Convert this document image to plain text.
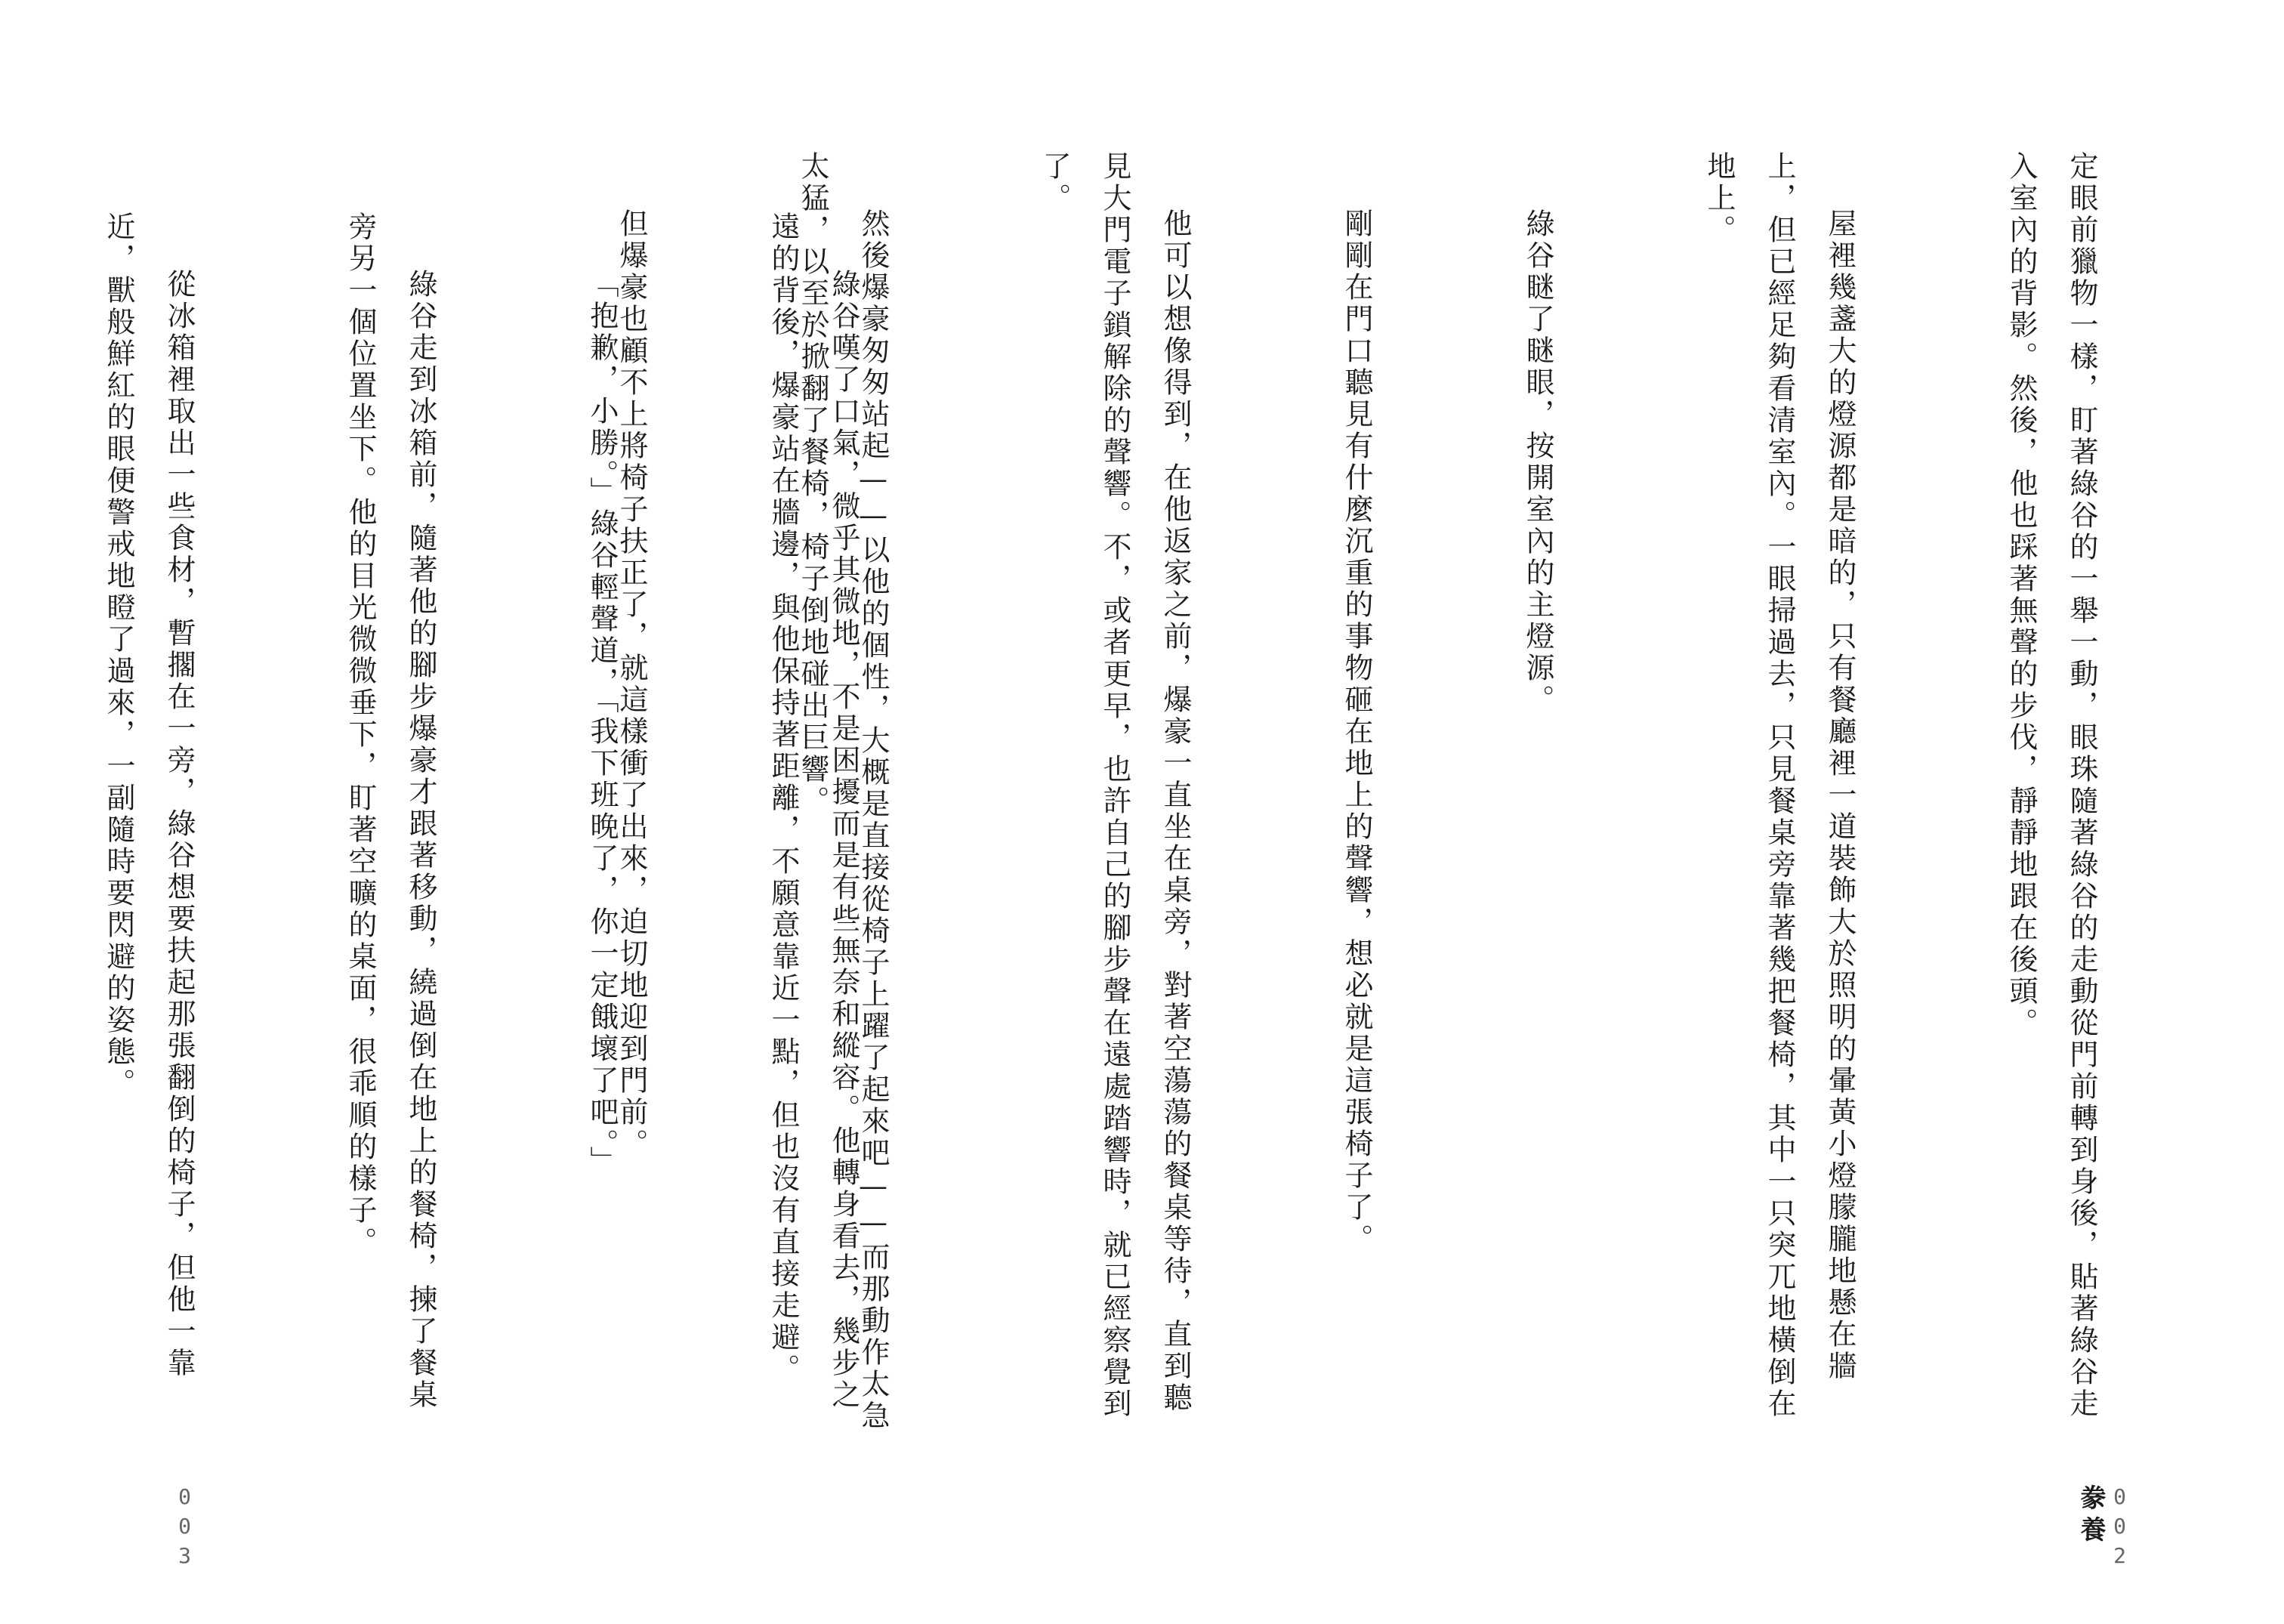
定眼前獵物一樣，盯著綠谷的一舉一動，眼珠隨著綠谷的走動從門前轉到身後，貼著綠谷走入室內的背影。然後，他也踩著無聲的步伐，靜靜地跟在後頭。

屋裡幾盞大的燈源都是暗的，只有餐廳裡一道裝飾大於照明的暈黃小燈朦朧地懸在牆上，但已經足夠看清室內。一眼掃過去，只見餐桌旁靠著幾把餐椅，其中一只突兀地橫倒在地上。

綠谷瞇了瞇眼，按開室內的主燈源。

剛剛在門口聽見有什麼沉重的事物砸在地上的聲響，想必就是這張椅子了。

他可以想像得到，在他返家之前，爆豪一直坐在桌旁，對著空蕩蕩的餐桌等待，直到聽見大門電子鎖解除的聲響。不，或者更早，也許自己的腳步聲在遠處踏響時，就已經察覺到了。

然後爆豪匆匆站起——以他的個性，大概是直接從椅子上躍了起來吧——而那動作太急太猛，以至於掀翻了餐椅，椅子倒地碰出巨響。

但爆豪也顧不上將椅子扶正了，就這樣衝了出來，迫切地迎到門前。

002
豢養

綠谷嘆了口氣，微乎其微地，不是困擾而是有些無奈和縱容。他轉身看去，幾步之遠的背後，爆豪站在牆邊，與他保持著距離，不願意靠近一點，但也沒有直接走避。

「抱歉，小勝。」綠谷輕聲道，「我下班晚了，你一定餓壞了吧。」

綠谷走到冰箱前，隨著他的腳步爆豪才跟著移動，繞過倒在地上的餐椅，揀了餐桌旁另一個位置坐下。他的目光微微垂下，盯著空曠的桌面，很乖順的樣子。

從冰箱裡取出一些食材，暫擱在一旁，綠谷想要扶起那張翻倒的椅子，但他一靠近，獸般鮮紅的眼便警戒地瞪了過來，一副隨時要閃避的姿態。

003
